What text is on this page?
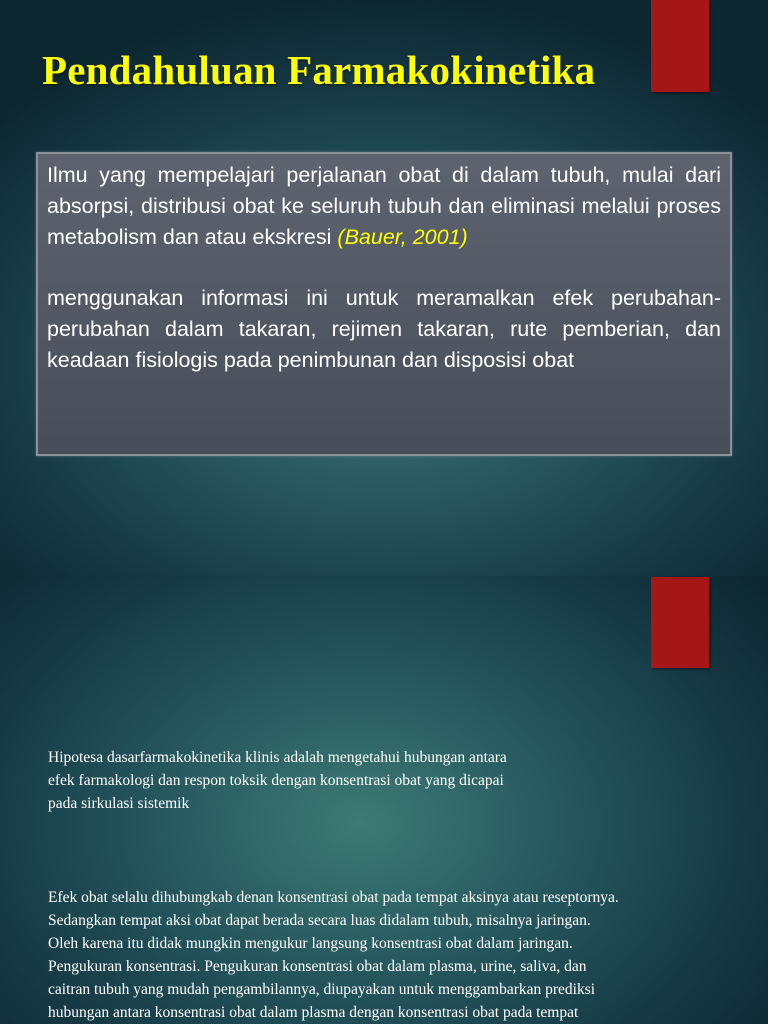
Pendahuluan Farmakokinetika

Ilmu yang mempelajari perjalanan obat di dalam tubuh, mulai dari absorpsi, distribusi obat ke seluruh tubuh dan eliminasi melalui proses metabolism dan atau ekskresi (Bauer, 2001)

menggunakan informasi ini untuk meramalkan efek perubahan-perubahan dalam takaran, rejimen takaran, rute pemberian, dan keadaan fisiologis pada penimbunan dan disposisi obat

Hipotesa dasarfarmakokinetika klinis adalah mengetahui hubungan antara efek farmakologi dan respon toksik dengan konsentrasi obat yang dicapai pada sirkulasi sistemik

Efek obat selalu dihubungkab denan konsentrasi obat pada tempat aksinya atau reseptornya.
Sedangkan tempat aksi obat dapat berada secara luas didalam tubuh, misalnya jaringan.
Oleh karena itu didak mungkin mengukur langsung konsentrasi obat dalam jaringan.
Pengukuran konsentrasi. Pengukuran konsentrasi obat dalam plasma, urine, saliva, dan
caitran tubuh yang mudah pengambilannya, diupayakan untuk menggambarkan prediksi
hubungan antara konsentrasi obat dalam plasma dengan konsentrasi obat pada tempat
